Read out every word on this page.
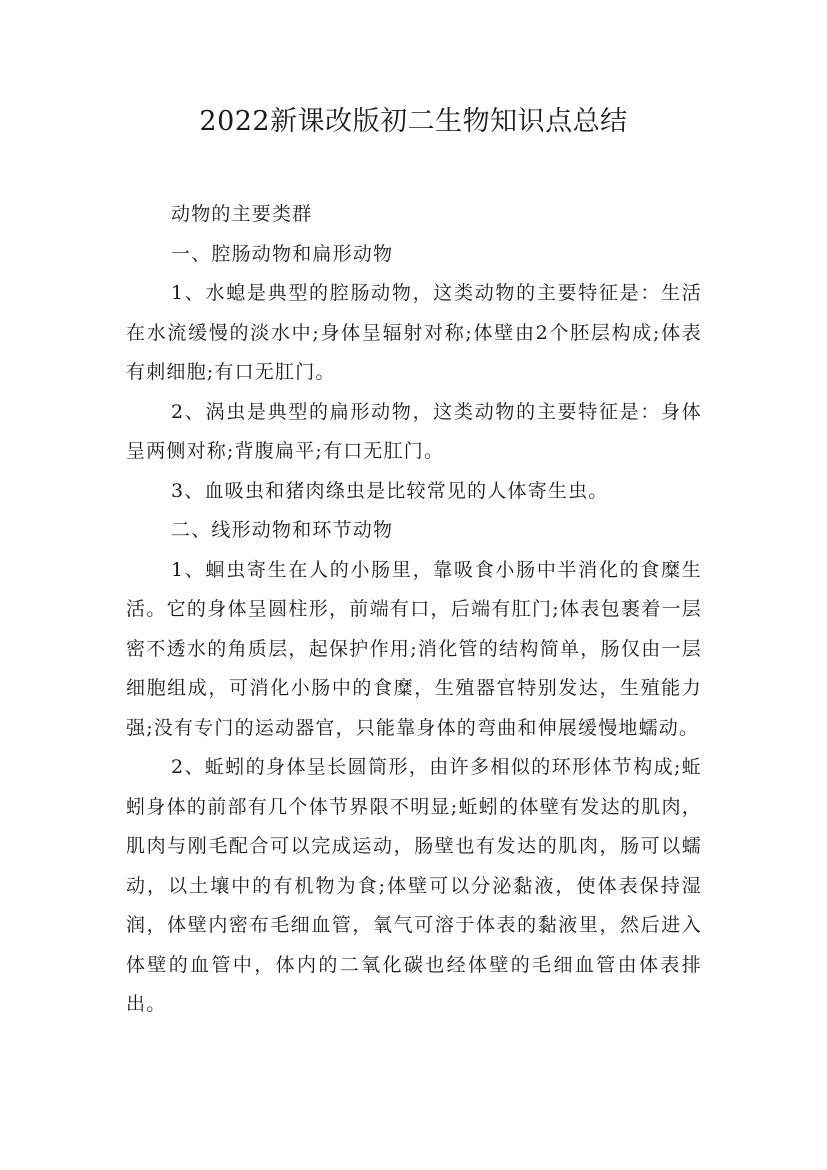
2022新课改版初二生物知识点总结

动物的主要类群

一、腔肠动物和扁形动物

1、水螅是典型的腔肠动物，这类动物的主要特征是：生活在水流缓慢的淡水中;身体呈辐射对称;体壁由2个胚层构成;体表有刺细胞;有口无肛门。

2、涡虫是典型的扁形动物，这类动物的主要特征是：身体呈两侧对称;背腹扁平;有口无肛门。

3、血吸虫和猪肉绦虫是比较常见的人体寄生虫。

二、线形动物和环节动物

1、蛔虫寄生在人的小肠里，靠吸食小肠中半消化的食糜生活。它的身体呈圆柱形，前端有口，后端有肛门;体表包裹着一层密不透水的角质层，起保护作用;消化管的结构简单，肠仅由一层细胞组成，可消化小肠中的食糜，生殖器官特别发达，生殖能力强;没有专门的运动器官，只能靠身体的弯曲和伸展缓慢地蠕动。

2、蚯蚓的身体呈长圆筒形，由许多相似的环形体节构成;蚯蚓身体的前部有几个体节界限不明显;蚯蚓的体壁有发达的肌肉，肌肉与刚毛配合可以完成运动，肠壁也有发达的肌肉，肠可以蠕动，以土壤中的有机物为食;体壁可以分泌黏液，使体表保持湿润，体壁内密布毛细血管，氧气可溶于体表的黏液里，然后进入体壁的血管中，体内的二氧化碳也经体壁的毛细血管由体表排出。
